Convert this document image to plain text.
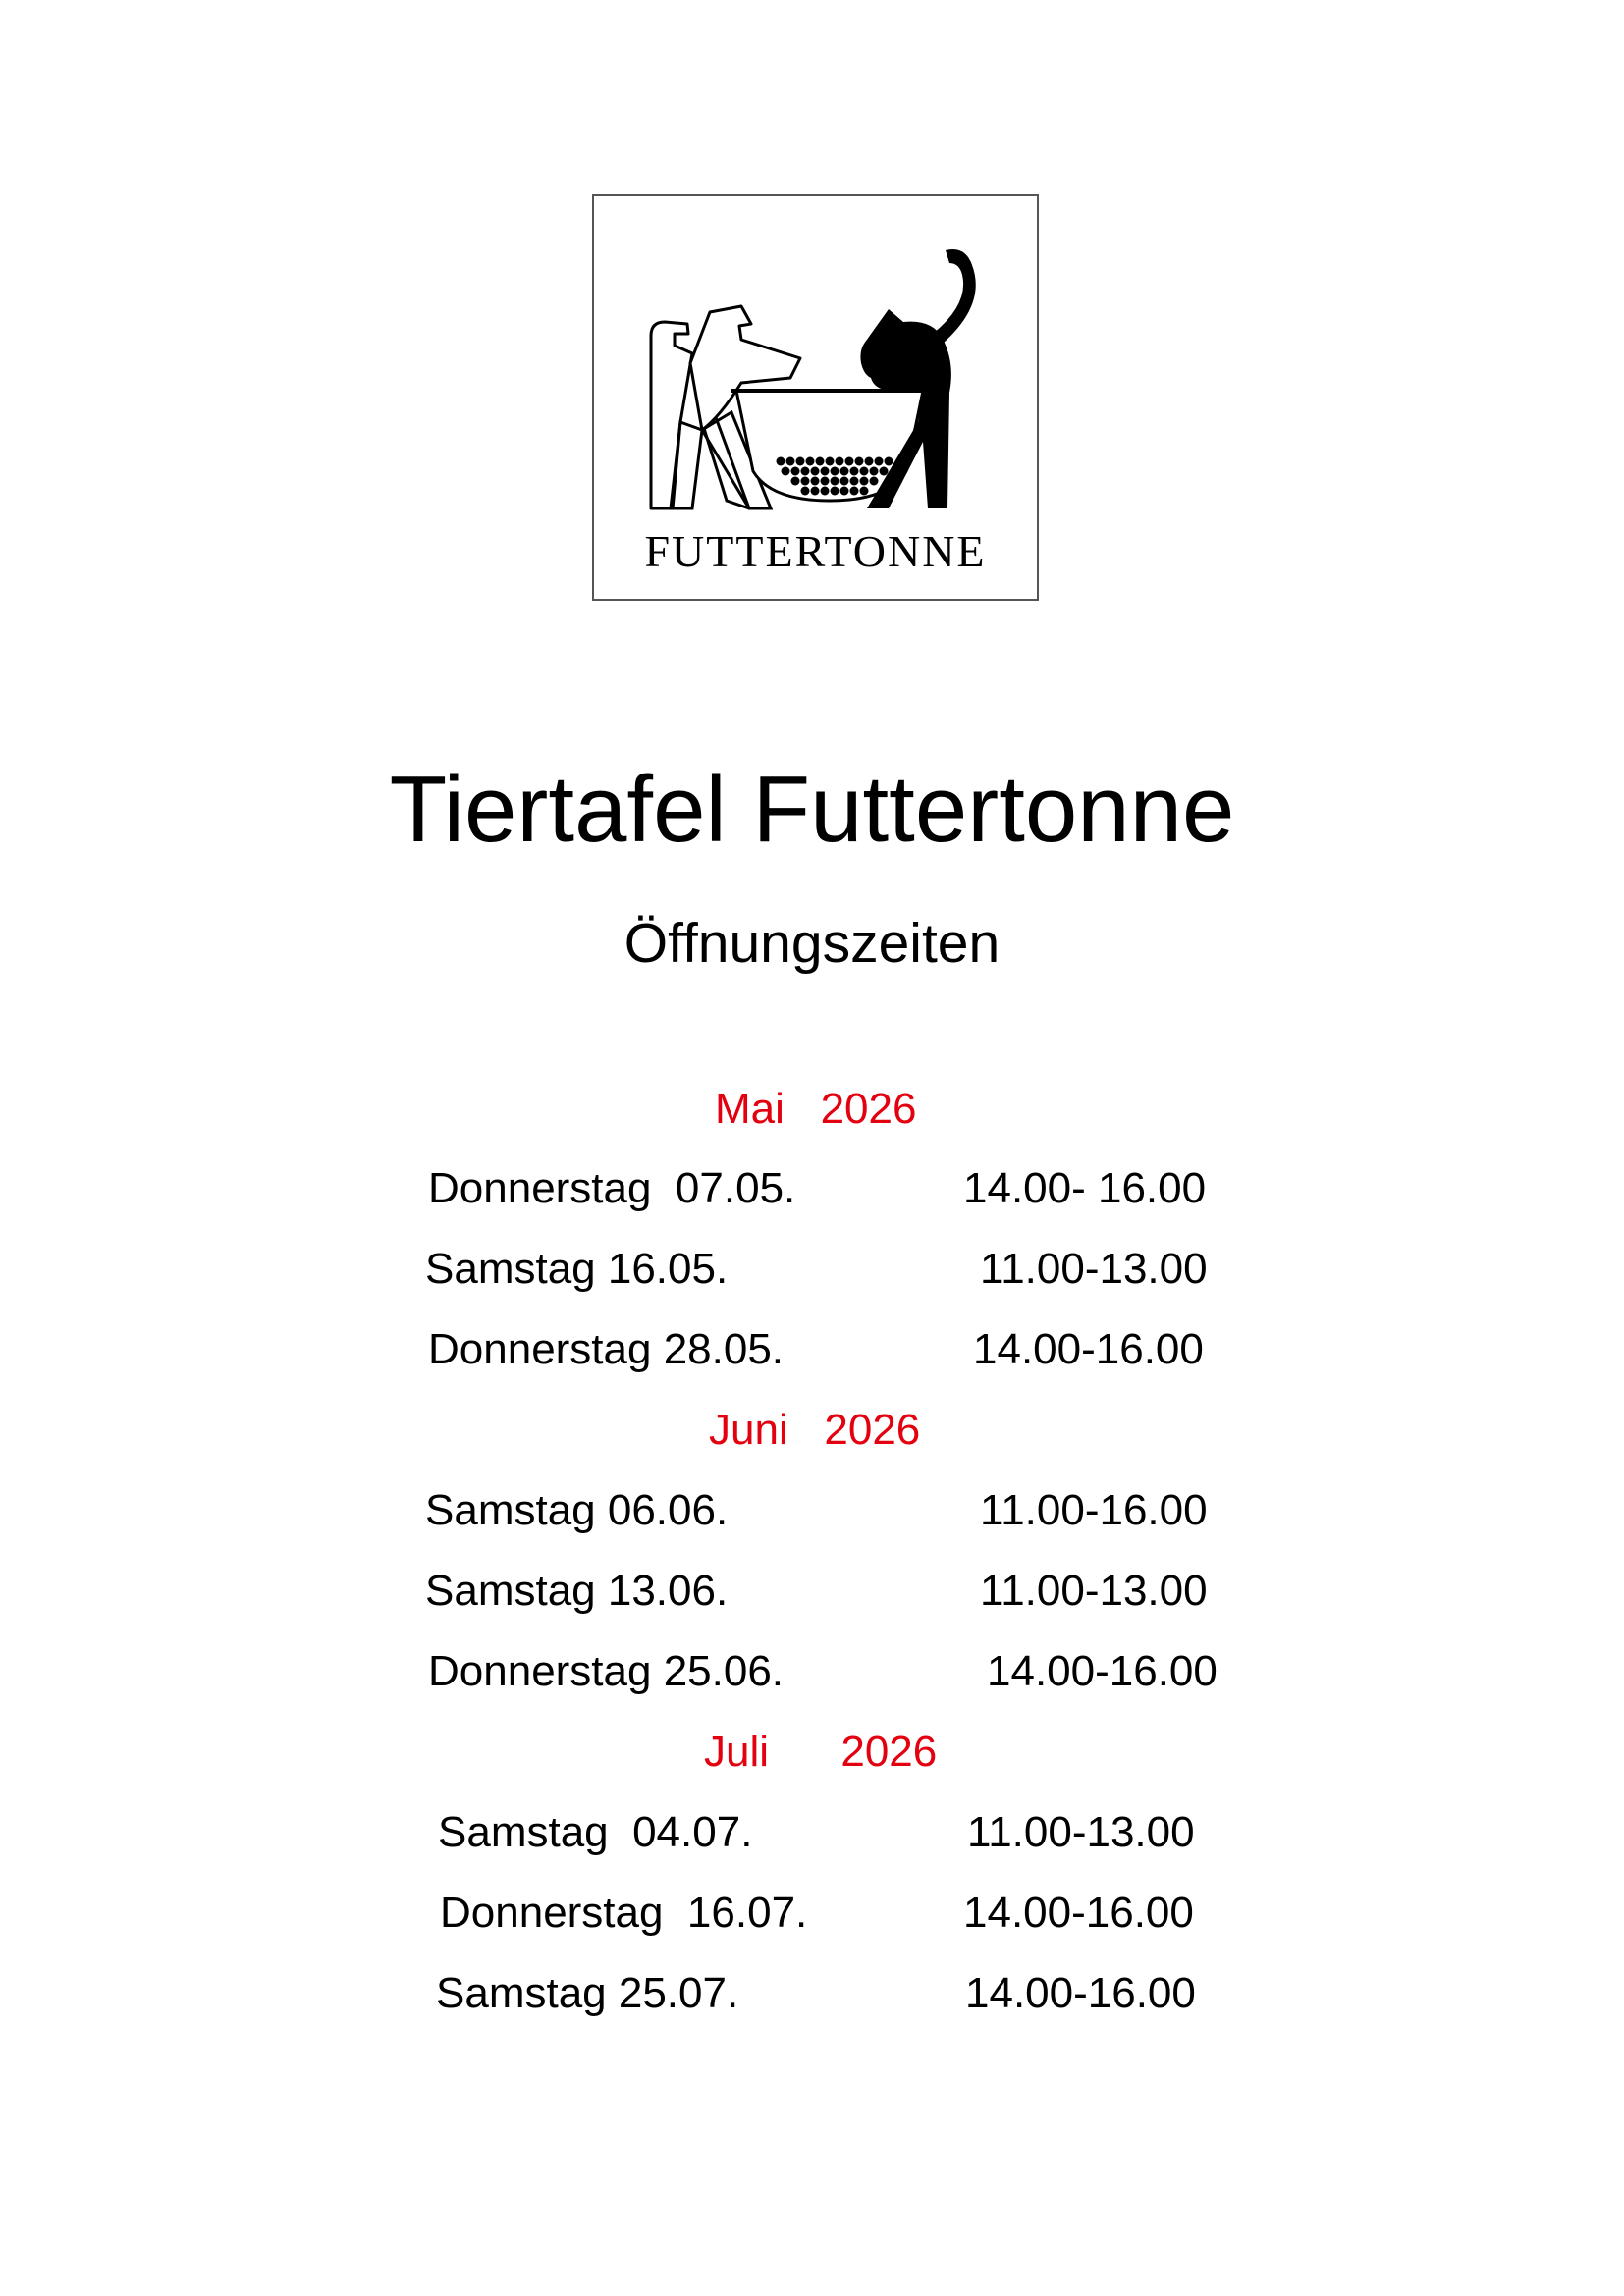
FUTTERTONNE
Tiertafel Futtertonne
Öffnungszeiten
Mai   2026
Donnerstag  07.05.	14.00- 16.00
Samstag 16.05.	11.00-13.00
Donnerstag 28.05.	14.00-16.00
Juni   2026
Samstag 06.06.	11.00-16.00
Samstag 13.06.	11.00-13.00
Donnerstag 25.06.	14.00-16.00
Juli      2026
Samstag  04.07.	11.00-13.00
Donnerstag  16.07.	14.00-16.00
Samstag 25.07.	14.00-16.00
